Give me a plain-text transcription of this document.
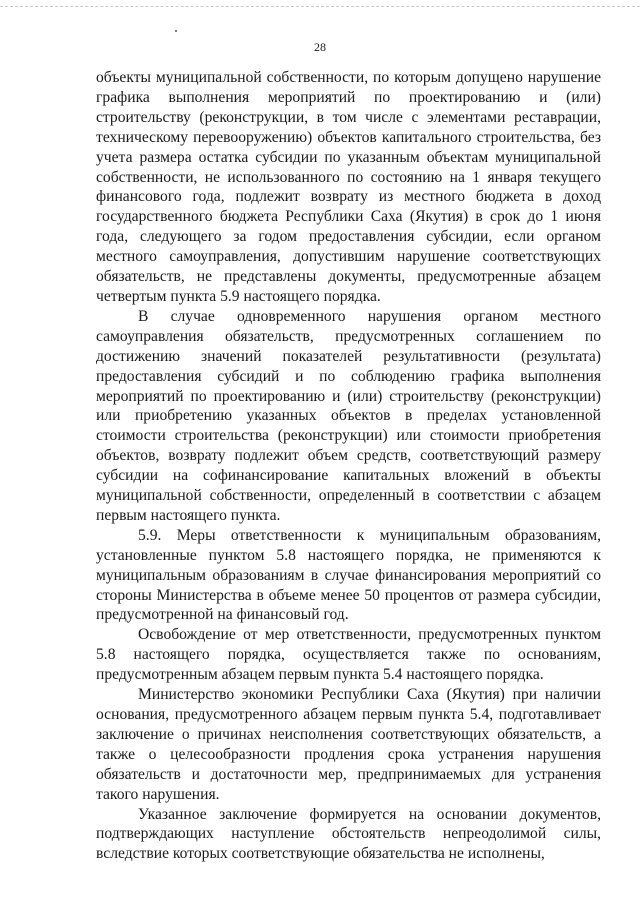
28

объекты муниципальной собственности, по которым допущено нарушение графика выполнения мероприятий по проектированию и (или) строительству (реконструкции, в том числе с элементами реставрации, техническому перевооружению) объектов капитального строительства, без учета размера остатка субсидии по указанным объектам муниципальной собственности, не использованного по состоянию на 1 января текущего финансового года, подлежит возврату из местного бюджета в доход государственного бюджета Республики Саха (Якутия) в срок до 1 июня года, следующего за годом предоставления субсидии, если органом местного самоуправления, допустившим нарушение соответствующих обязательств, не представлены документы, предусмотренные абзацем четвертым пункта 5.9 настоящего порядка.

В случае одновременного нарушения органом местного самоуправления обязательств, предусмотренных соглашением по достижению значений показателей результативности (результата) предоставления субсидий и по соблюдению графика выполнения мероприятий по проектированию и (или) строительству (реконструкции) или приобретению указанных объектов в пределах установленной стоимости строительства (реконструкции) или стоимости приобретения объектов, возврату подлежит объем средств, соответствующий размеру субсидии на софинансирование капитальных вложений в объекты муниципальной собственности, определенный в соответствии с абзацем первым настоящего пункта.

5.9. Меры ответственности к муниципальным образованиям, установленные пунктом 5.8 настоящего порядка, не применяются к муниципальным образованиям в случае финансирования мероприятий со стороны Министерства в объеме менее 50 процентов от размера субсидии, предусмотренной на финансовый год.

Освобождение от мер ответственности, предусмотренных пунктом 5.8 настоящего порядка, осуществляется также по основаниям, предусмотренным абзацем первым пункта 5.4 настоящего порядка.

Министерство экономики Республики Саха (Якутия) при наличии основания, предусмотренного абзацем первым пункта 5.4, подготавливает заключение о причинах неисполнения соответствующих обязательств, а также о целесообразности продления срока устранения нарушения обязательств и достаточности мер, предпринимаемых для устранения такого нарушения.

Указанное заключение формируется на основании документов, подтверждающих наступление обстоятельств непреодолимой силы, вследствие которых соответствующие обязательства не исполнены,
